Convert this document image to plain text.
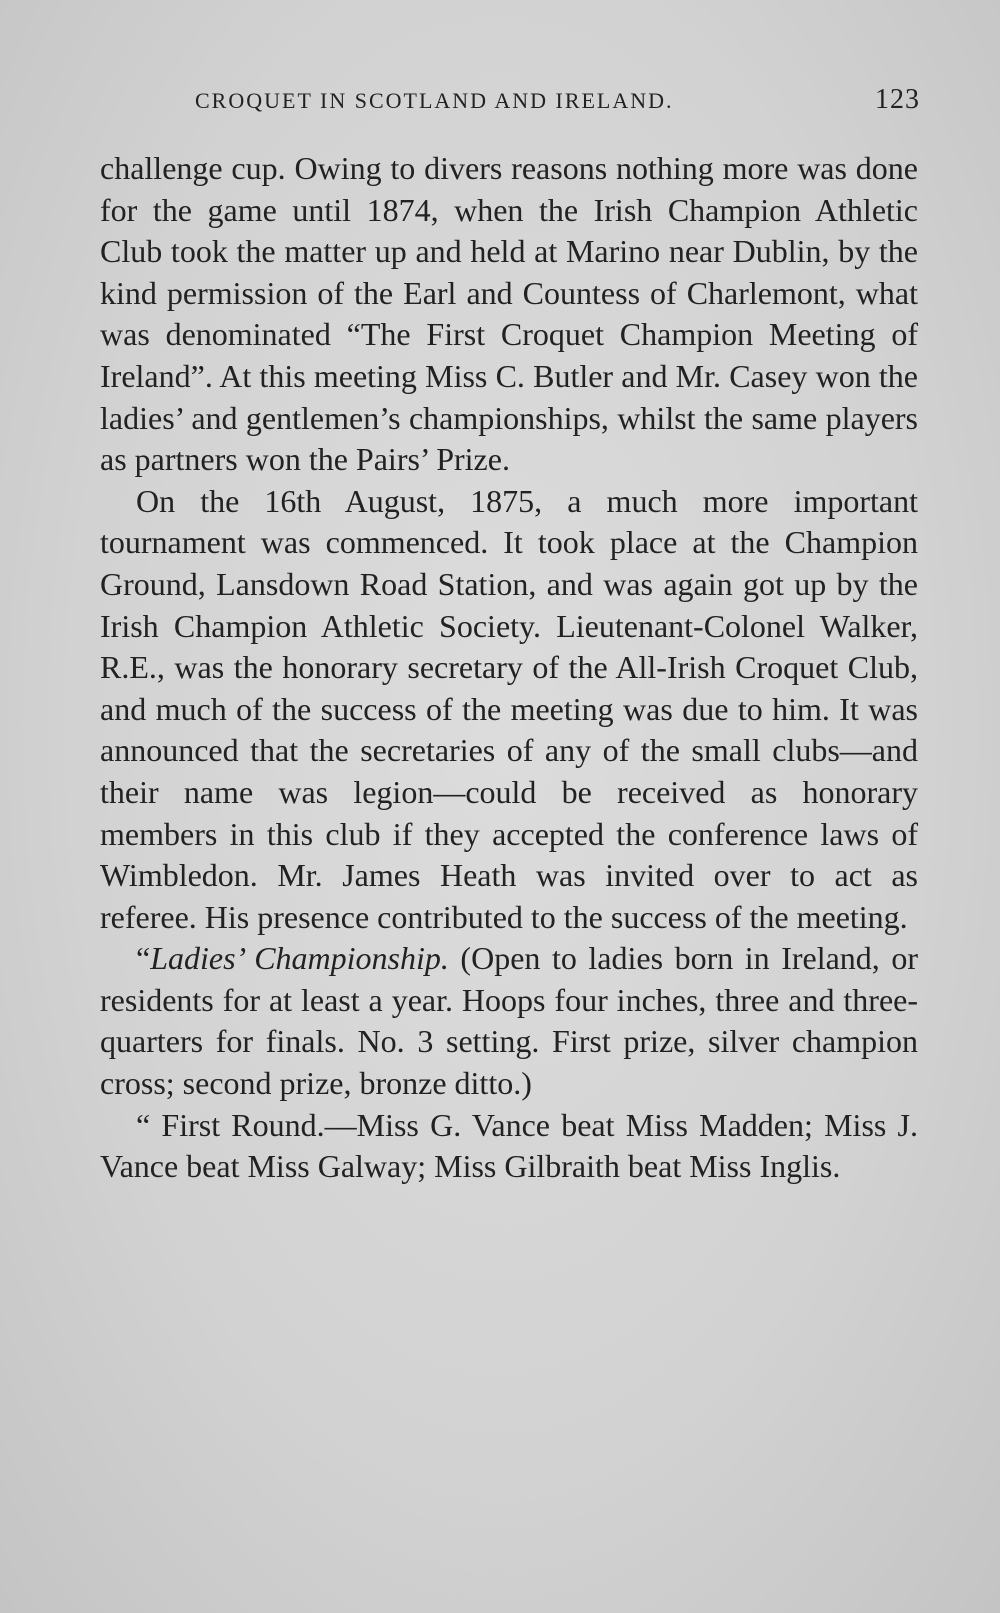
CROQUET IN SCOTLAND AND IRELAND.	123

challenge cup. Owing to divers reasons nothing more was done for the game until 1874, when the Irish Champion Athletic Club took the matter up and held at Marino near Dublin, by the kind permission of the Earl and Countess of Charlemont, what was denominated “The First Croquet Champion Meeting of Ireland”. At this meeting Miss C. Butler and Mr. Casey won the ladies’ and gentlemen’s championships, whilst the same players as partners won the Pairs’ Prize.

On the 16th August, 1875, a much more important tournament was commenced. It took place at the Champion Ground, Lansdown Road Station, and was again got up by the Irish Champion Athletic Society. Lieutenant-Colonel Walker, R.E., was the honorary secretary of the All-Irish Croquet Club, and much of the success of the meeting was due to him. It was announced that the secretaries of any of the small clubs—and their name was legion—could be received as honorary members in this club if they accepted the conference laws of Wimbledon. Mr. James Heath was invited over to act as referee. His presence contributed to the success of the meeting.

“Ladies’ Championship. (Open to ladies born in Ireland, or residents for at least a year. Hoops four inches, three and three-quarters for finals. No. 3 setting. First prize, silver champion cross; second prize, bronze ditto.)

“ First Round.—Miss G. Vance beat Miss Madden; Miss J. Vance beat Miss Galway; Miss Gilbraith beat Miss Inglis.
